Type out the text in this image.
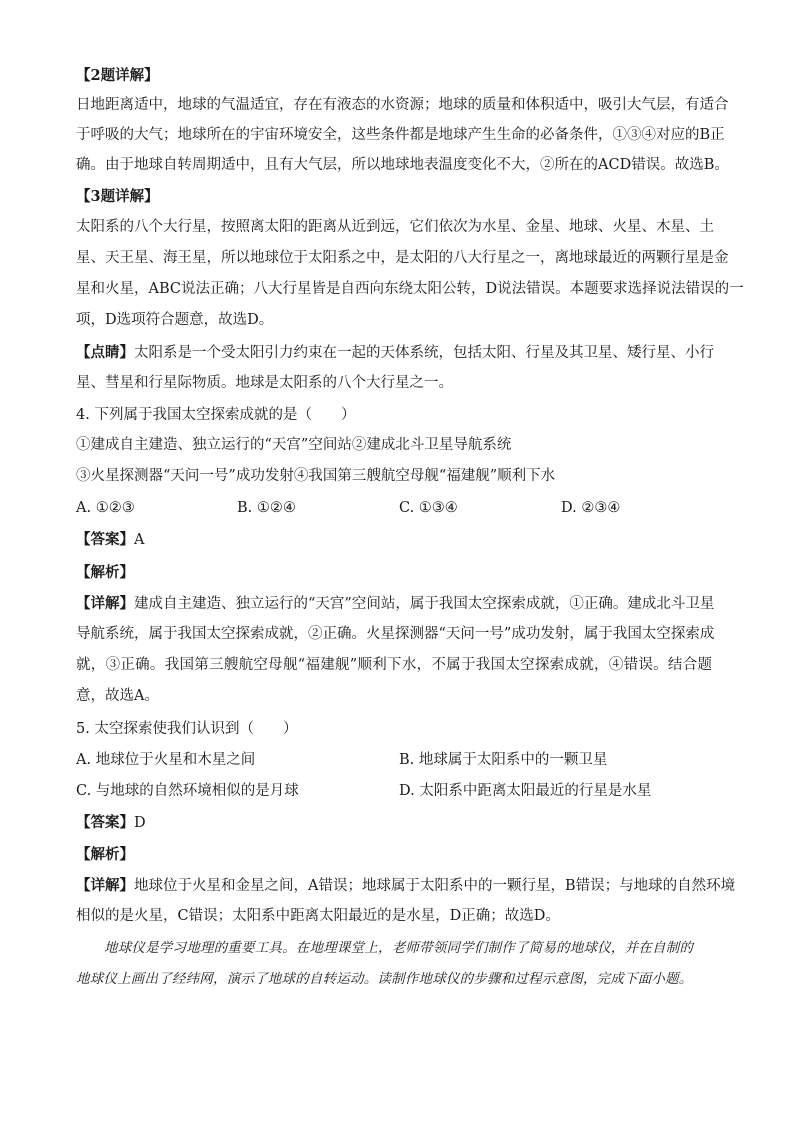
【2题详解】
日地距离适中，地球的气温适宜，存在有液态的水资源；地球的质量和体积适中，吸引大气层，有适合
于呼吸的大气；地球所在的宇宙环境安全，这些条件都是地球产生生命的必备条件，①③④对应的B正
确。由于地球自转周期适中，且有大气层，所以地球地表温度变化不大，②所在的ACD错误。故选B。
【3题详解】
太阳系的八个大行星，按照离太阳的距离从近到远，它们依次为水星、金星、地球、火星、木星、土
星、天王星、海王星，所以地球位于太阳系之中，是太阳的八大行星之一，离地球最近的两颗行星是金
星和火星，ABC说法正确；八大行星皆是自西向东绕太阳公转，D说法错误。本题要求选择说法错误的一
项，D选项符合题意，故选D。
【点睛】太阳系是一个受太阳引力约束在一起的天体系统，包括太阳、行星及其卫星、矮行星、小行
星、彗星和行星际物质。地球是太阳系的八个大行星之一。
4. 下列属于我国太空探索成就的是（　　）
①建成自主建造、独立运行的“天宫”空间站②建成北斗卫星导航系统
③火星探测器“天问一号”成功发射④我国第三艘航空母舰“福建舰”顺利下水
A. ①②③	B. ①②④	C. ①③④	D. ②③④
【答案】A
【解析】
【详解】建成自主建造、独立运行的“天宫”空间站，属于我国太空探索成就，①正确。建成北斗卫星
导航系统，属于我国太空探索成就，②正确。火星探测器“天问一号”成功发射，属于我国太空探索成
就，③正确。我国第三艘航空母舰“福建舰”顺利下水，不属于我国太空探索成就，④错误。结合题
意，故选A。
5. 太空探索使我们认识到（　　）
A. 地球位于火星和木星之间	B. 地球属于太阳系中的一颗卫星
C. 与地球的自然环境相似的是月球	D. 太阳系中距离太阳最近的行星是水星
【答案】D
【解析】
【详解】地球位于火星和金星之间，A错误；地球属于太阳系中的一颗行星，B错误；与地球的自然环境
相似的是火星，C错误；太阳系中距离太阳最近的是水星，D正确；故选D。
地球仪是学习地理的重要工具。在地理课堂上，老师带领同学们制作了简易的地球仪，并在自制的
地球仪上画出了经纬网，演示了地球的自转运动。读制作地球仪的步骤和过程示意图，完成下面小题。
